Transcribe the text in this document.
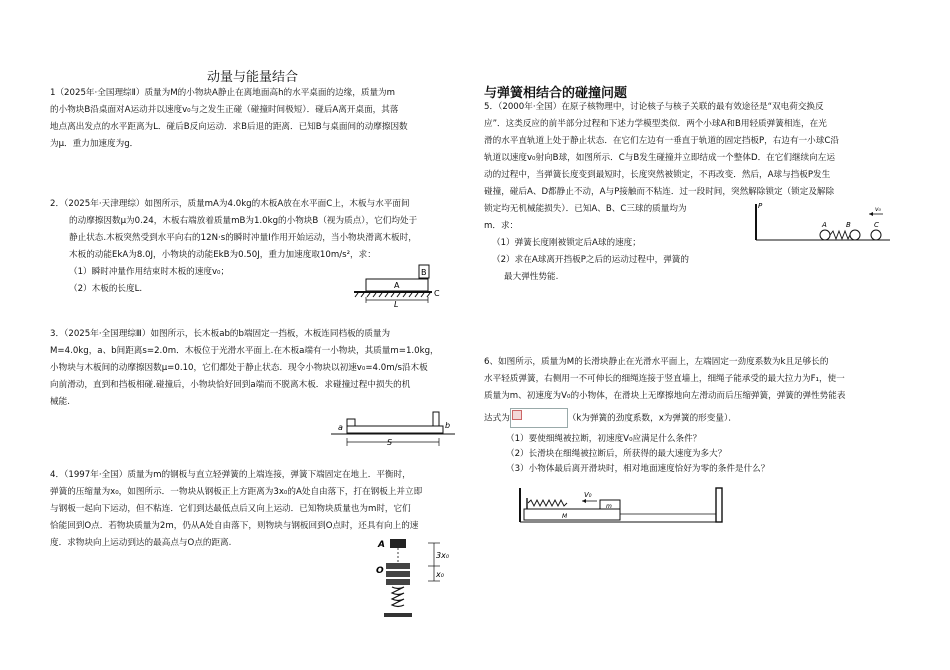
动量与能量结合
1（2025年·全国理综Ⅱ）质量为M的小物块A静止在离地面高h的水平桌面的边缘，质量为m
的小物块B沿桌面对A运动并以速度v₀与之发生正碰（碰撞时间极短）．碰后A离开桌面，其落
地点离出发点的水平距离为L．碰后B反向运动．求B后退的距离．已知B与桌面间的动摩擦因数
为μ．重力加速度为g．
2．（2025年·天津理综）如图所示，质量mA为4.0kg的木板A放在水平面C上，木板与水平面间
的动摩擦因数μ为0.24，木板右端放着质量mB为1.0kg的小物块B（视为质点），它们均处于
静止状态.木板突然受到水平向右的12N·s的瞬时冲量I作用开始运动，当小物块滑离木板时，
木板的动能EkA为8.0J，小物块的动能EkB为0.50J，重力加速度取10m/s²，求：
（1）瞬时冲量作用结束时木板的速度v₀；
（2）木板的长度L.	A
B
C
L
3．（2025年·全国理综Ⅲ）如图所示，长木板ab的b端固定一挡板，木板连同档板的质量为
M=4.0kg，a、b间距离s=2.0m．木板位于光滑水平面上.在木板a端有一小物块，其质量m=1.0kg，
小物块与木板间的动摩擦因数μ=0.10，它们都处于静止状态．现令小物块以初速v₀=4.0m/s沿木板
向前滑动，直到和挡板相碰.碰撞后，小物块恰好回到a端而不脱离木板．求碰撞过程中损失的机
械能.
a	b
S
4．（1997年·全国）质量为m的钢板与直立轻弹簧的上端连接，弹簧下端固定在地上．平衡时，
弹簧的压缩量为x₀，如图所示．一物块从钢板正上方距离为3x₀的A处自由落下，打在钢板上并立即
与钢板一起向下运动，但不粘连．它们到达最低点后又向上运动．已知物块质量也为m时，它们
恰能回到O点．若物块质量为2m，仍从A处自由落下，则物块与钢板回到O点时，还具有向上的速
度．求物块向上运动到达的最高点与O点的距离.	A
O
3x₀
x₀
与弹簧相结合的碰撞问题
5．（2000年·全国）在原子核物理中，讨论核子与核子关联的最有效途径是“双电荷交换反
应”．这类反应的前半部分过程和下述力学模型类似．两个小球A和B用轻质弹簧相连，在光
滑的水平直轨道上处于静止状态．在它们左边有一垂直于轨道的固定挡板P，右边有一小球C沿
轨道以速度v₀射向B球，如图所示．C与B发生碰撞并立即结成一个整体D．在它们继续向左运
动的过程中，当弹簧长度变到最短时，长度突然被锁定，不再改变．然后，A球与挡板P发生
碰撞，碰后A、D都静止不动，A与P接触而不粘连．过一段时间，突然解除锁定（锁定及解除
锁定均无机械能损失）．已知A、B、C三球的质量均为
m．求：
（1）弹簧长度刚被锁定后A球的速度；
（2）求在A球离开挡板P之后的运动过程中，弹簧的
最大弹性势能.
P
A	B	C
v₀
6、如图所示，质量为M的长滑块静止在光滑水平面上，左端固定一劲度系数为k且足够长的
水平轻质弹簧，右侧用一不可伸长的细绳连接于竖直墙上，细绳子能承受的最大拉力为F₁，使一
质量为m、初速度为V₀的小物体，在滑块上无摩擦地向左滑动而后压缩弹簧，弹簧的弹性势能表
达式为	（k为弹簧的劲度系数，x为弹簧的形变量）．
（1）要使细绳被拉断，初速度V₀应满足什么条件？
（2）长滑块在细绳被拉断后，所获得的最大速度为多大？
（3）小物体最后离开滑块时，相对地面速度恰好为零的条件是什么？
m
V₀
M
